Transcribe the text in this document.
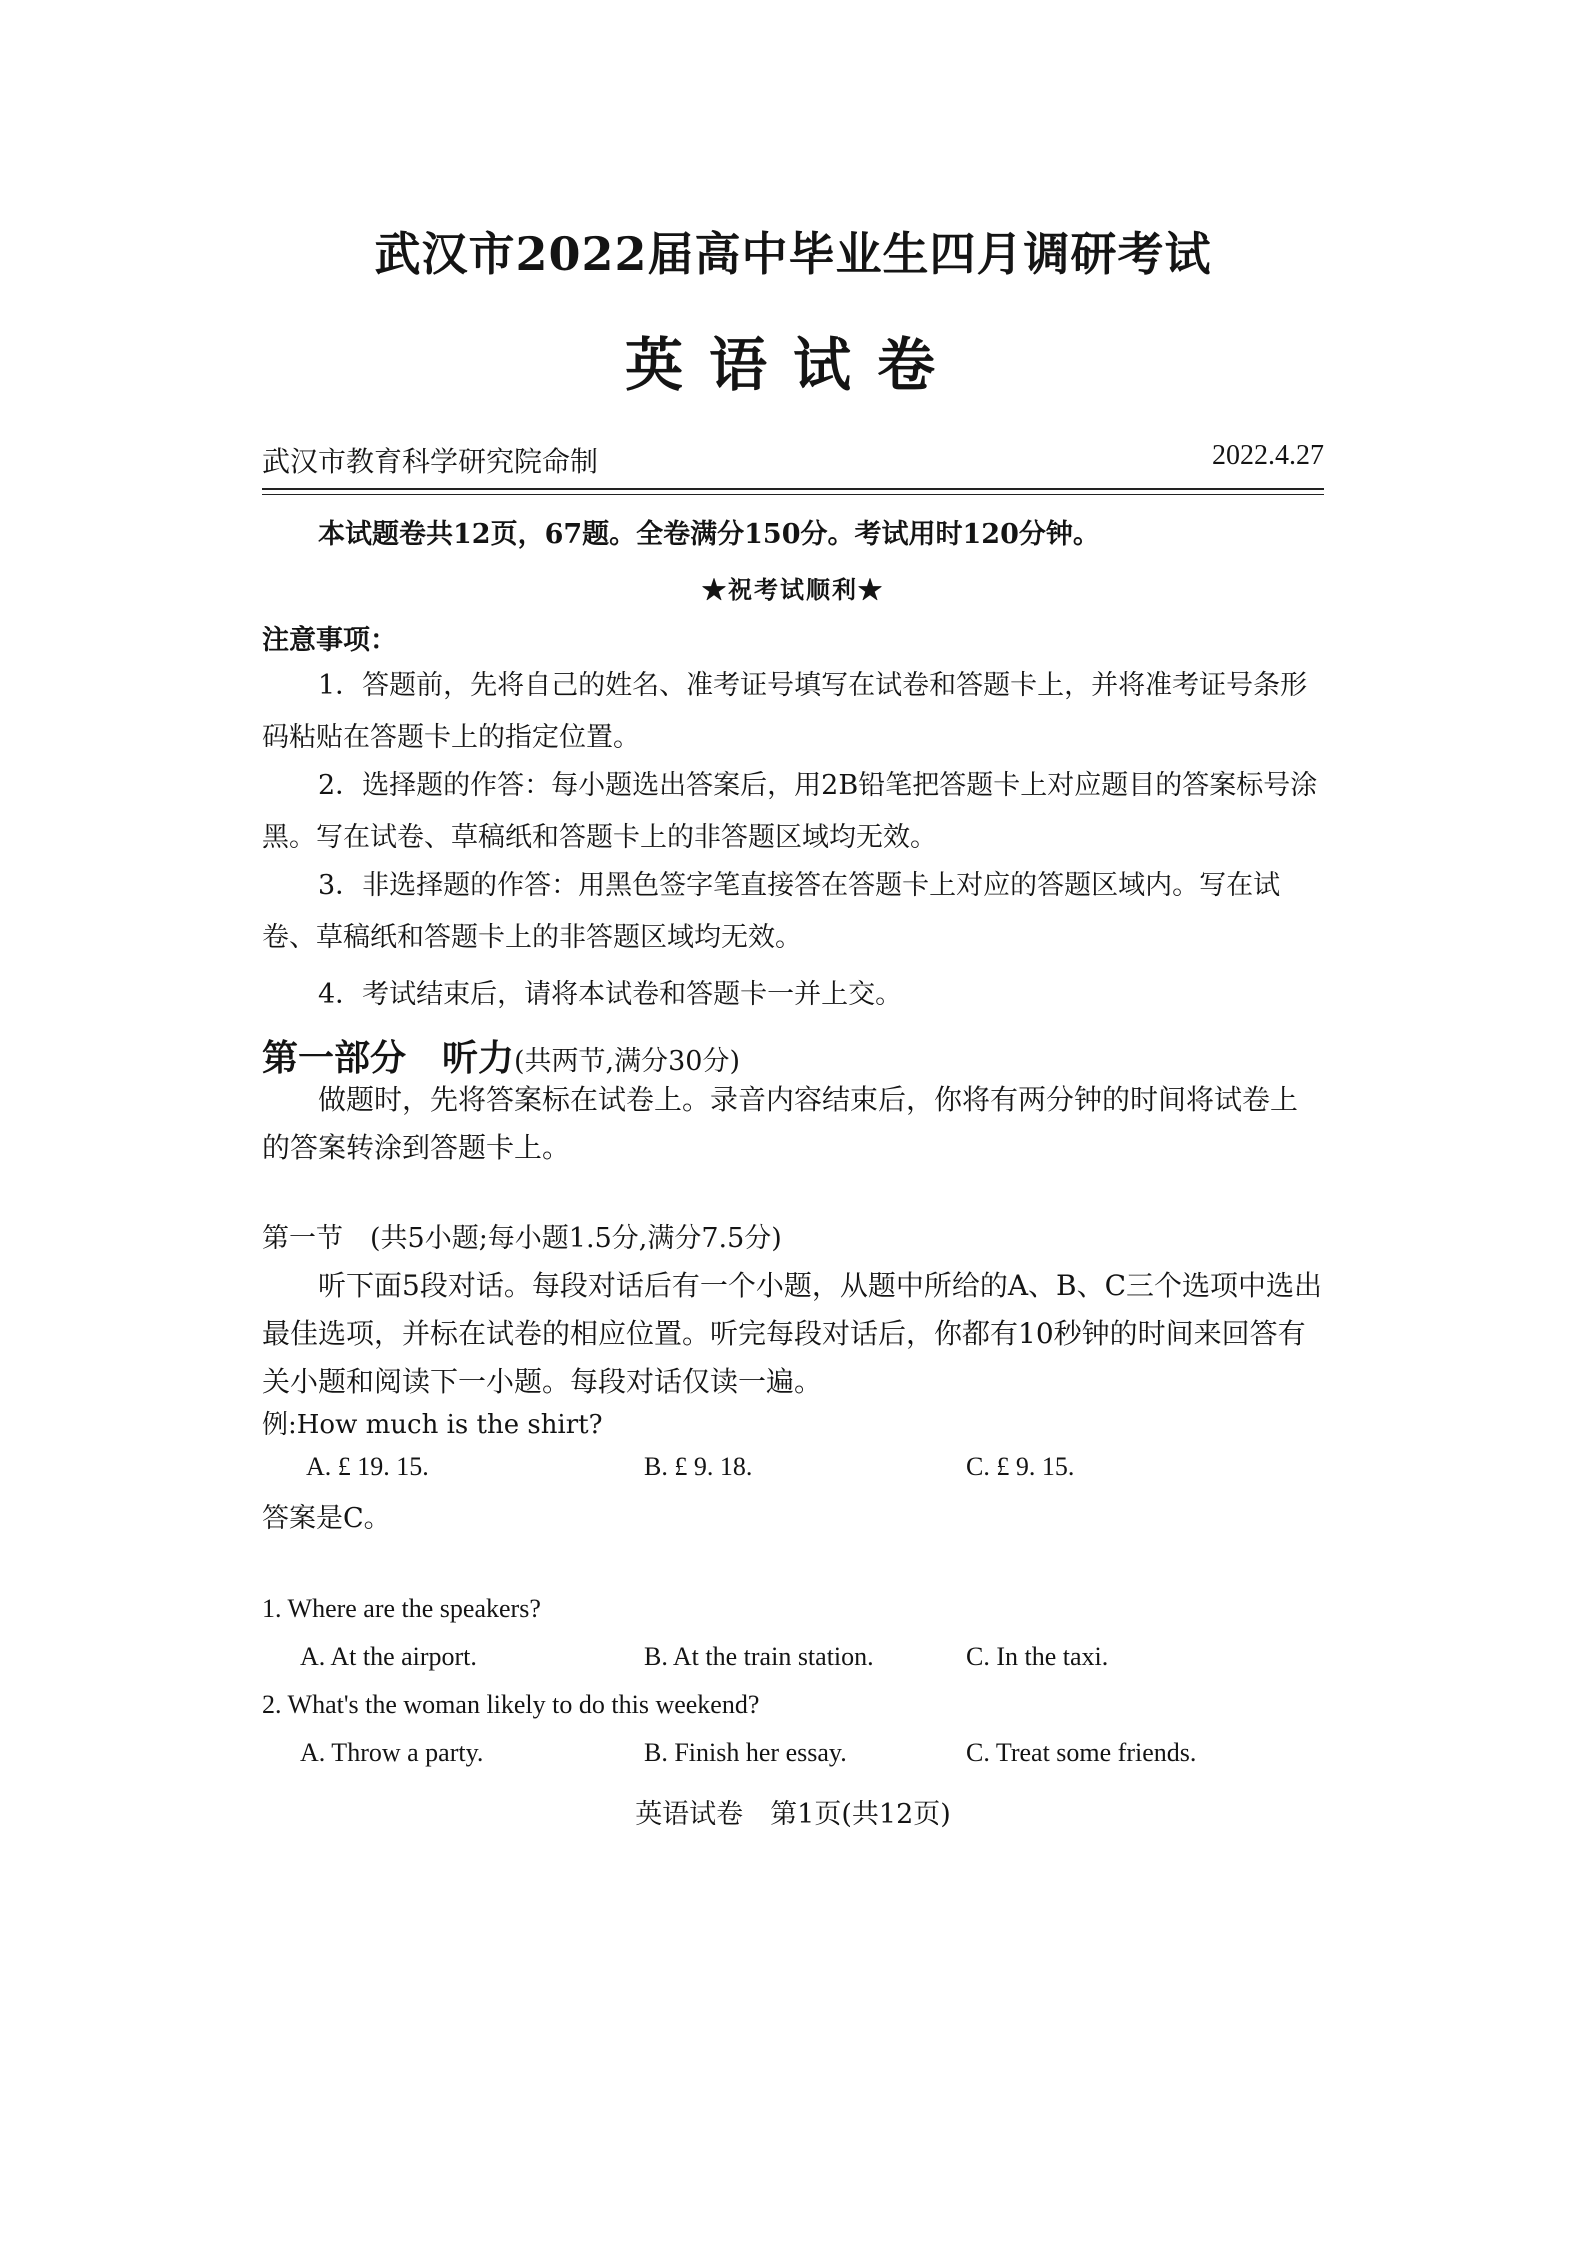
武汉市2022届高中毕业生四月调研考试
英语试卷
武汉市教育科学研究院命制	2022.4.27
本试题卷共12页，67题。全卷满分150分。考试用时120分钟。
★祝考试顺利★
注意事项：
1．答题前，先将自己的姓名、准考证号填写在试卷和答题卡上，并将准考证号条形码粘贴在答题卡上的指定位置。
2．选择题的作答：每小题选出答案后，用2B铅笔把答题卡上对应题目的答案标号涂黑。写在试卷、草稿纸和答题卡上的非答题区域均无效。
3．非选择题的作答：用黑色签字笔直接答在答题卡上对应的答题区域内。写在试卷、草稿纸和答题卡上的非答题区域均无效。
4．考试结束后，请将本试卷和答题卡一并上交。
第一部分　听力(共两节,满分30分)
做题时，先将答案标在试卷上。录音内容结束后，你将有两分钟的时间将试卷上的答案转涂到答题卡上。
第一节　(共5小题;每小题1.5分,满分7.5分)
听下面5段对话。每段对话后有一个小题，从题中所给的A、B、C三个选项中选出最佳选项，并标在试卷的相应位置。听完每段对话后，你都有10秒钟的时间来回答有关小题和阅读下一小题。每段对话仅读一遍。
例:How much is the shirt?
A. £ 19. 15.	B. £ 9. 18.	C. £ 9. 15.
答案是C。
1. Where are the speakers?
A. At the airport.	B. At the train station.	C. In the taxi.
2. What's the woman likely to do this weekend?
A. Throw a party.	B. Finish her essay.	C. Treat some friends.
英语试卷　第1页(共12页)
